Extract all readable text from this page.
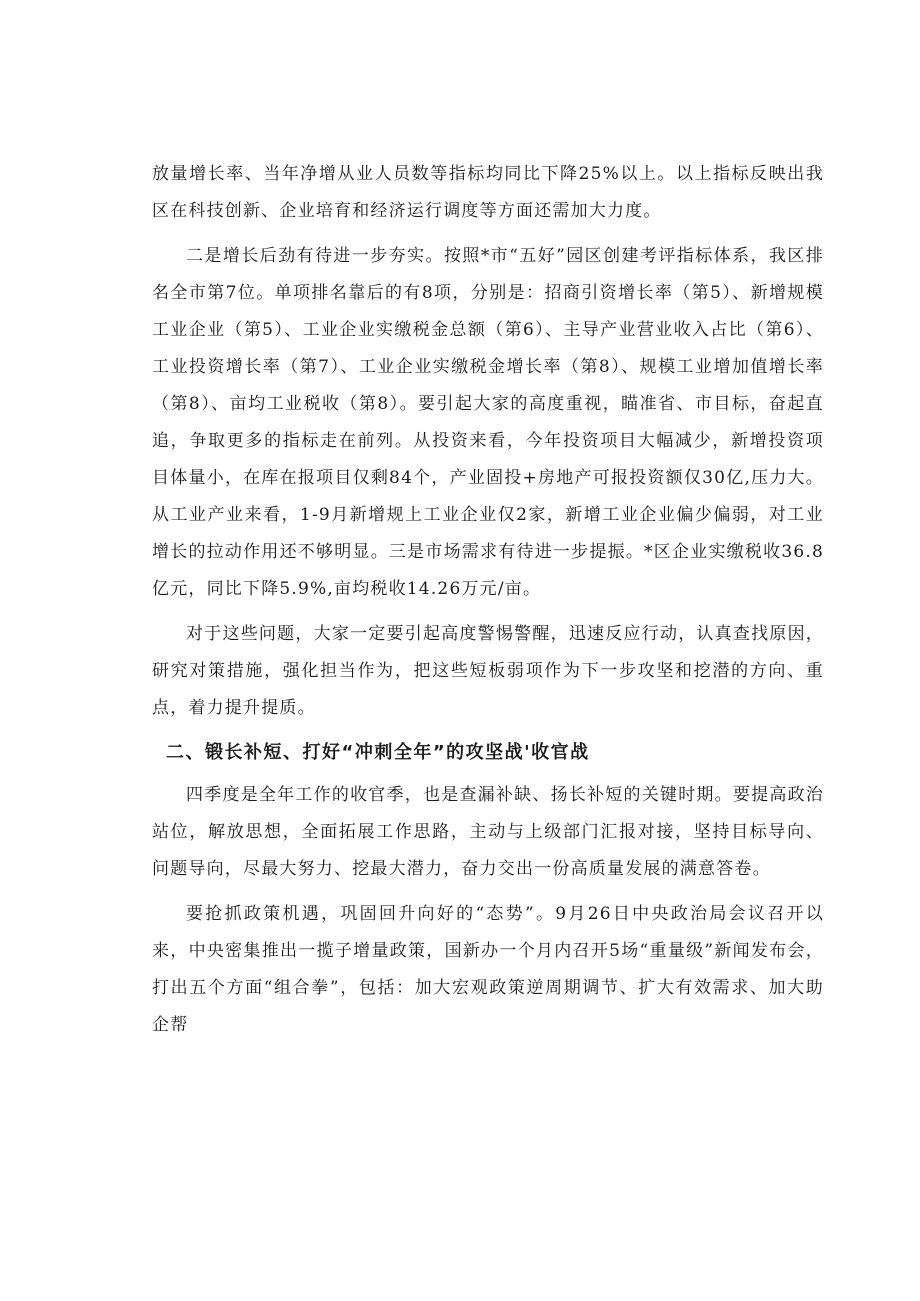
放量增长率、当年净增从业人员数等指标均同比下降25%以上。以上指标反映出我区在科技创新、企业培育和经济运行调度等方面还需加大力度。

二是增长后劲有待进一步夯实。按照*市“五好”园区创建考评指标体系，我区排名全市第7位。单项排名靠后的有8项，分别是：招商引资增长率（第5）、新增规模工业企业（第5）、工业企业实缴税金总额（第6）、主导产业营业收入占比（第6）、工业投资增长率（第7）、工业企业实缴税金增长率（第8）、规模工业增加值增长率（第8）、亩均工业税收（第8）。要引起大家的高度重视，瞄准省、市目标，奋起直追，争取更多的指标走在前列。从投资来看，今年投资项目大幅减少，新增投资项目体量小，在库在报项目仅剩84个，产业固投+房地产可报投资额仅30亿,压力大。从工业产业来看，1-9月新增规上工业企业仅2家，新增工业企业偏少偏弱，对工业增长的拉动作用还不够明显。三是市场需求有待进一步提振。*区企业实缴税收36.8亿元，同比下降5.9%,亩均税收14.26万元/亩。

对于这些问题，大家一定要引起高度警惕警醒，迅速反应行动，认真查找原因，研究对策措施，强化担当作为，把这些短板弱项作为下一步攻坚和挖潜的方向、重点，着力提升提质。

二、锻长补短、打好“冲刺全年”的攻坚战'收官战

四季度是全年工作的收官季，也是查漏补缺、扬长补短的关键时期。要提高政治站位，解放思想，全面拓展工作思路，主动与上级部门汇报对接，坚持目标导向、问题导向，尽最大努力、挖最大潜力，奋力交出一份高质量发展的满意答卷。

要抢抓政策机遇，巩固回升向好的“态势”。9月26日中央政治局会议召开以来，中央密集推出一揽子增量政策，国新办一个月内召开5场“重量级”新闻发布会，打出五个方面“组合拳”，包括：加大宏观政策逆周期调节、扩大有效需求、加大助企帮
